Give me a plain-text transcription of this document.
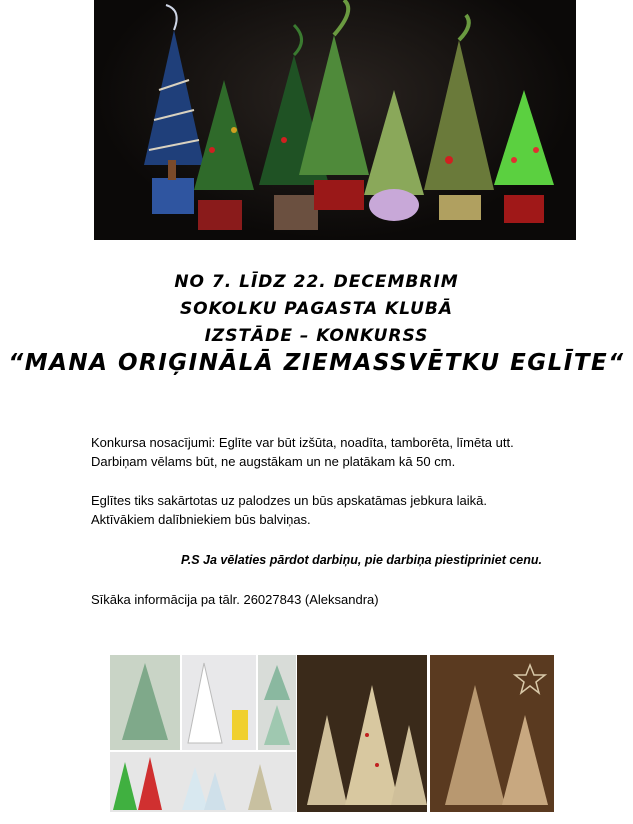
NO 7. LĪDZ 22. DECEMBRIM
SOKOLKU PAGASTA KLUBĀ
IZSTĀDE – KONKURSS
“MANA ORIĢINĀLĀ ZIEMASSVĒTKU EGLĪTE“
Konkursa nosacījumi: Eglīte var būt izšūta, noadīta, tamborēta, līmēta utt.
Darbiņam vēlams būt, ne augstākam un ne platākam kā 50 cm.
Eglītes tiks sakārtotas uz palodzes un būs apskatāmas jebkura laikā.
Aktīvākiem dalībniekiem būs balviņas.
P.S Ja vēlaties pārdot darbiņu, pie darbiņa piestipriniet cenu.
Sīkāka informācija pa tālr. 26027843 (Aleksandra)
